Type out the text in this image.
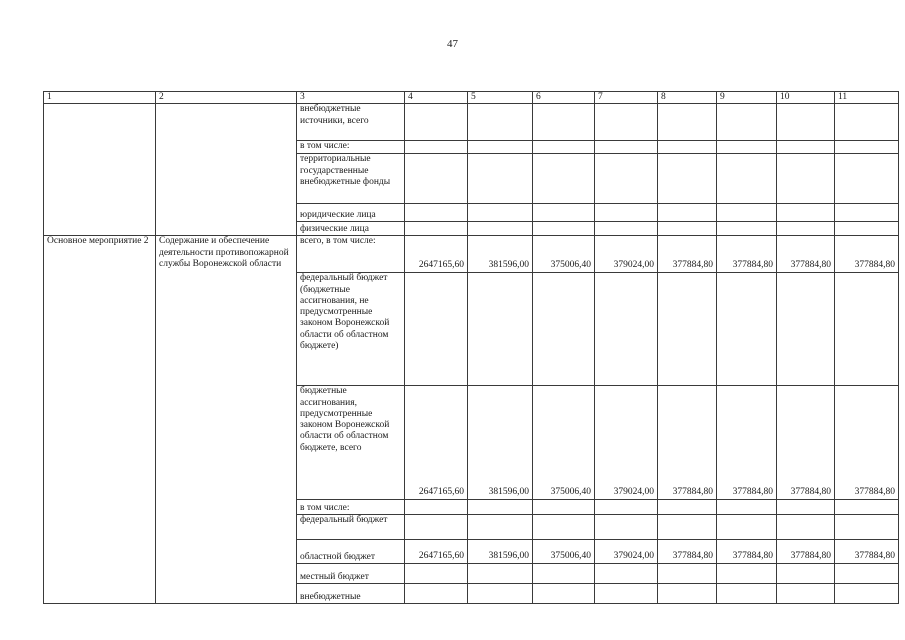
47
1	2	3	4	5	6	7	8	9	10	11
		внебюджетные источники, всего								
		в том числе:								
		территориальные государственные внебюджетные фонды								
		юридические лица								
		физические лица								
Основное мероприятие 2	Содержание и обеспечение деятельности противопожарной службы Воронежской области	всего, в том числе:	2647165,60	381596,00	375006,40	379024,00	377884,80	377884,80	377884,80	377884,80
		федеральный бюджет (бюджетные ассигнования, не предусмотренные законом Воронежской области об областном бюджете)								
		бюджетные ассигнования, предусмотренные законом Воронежской области об областном бюджете, всего	2647165,60	381596,00	375006,40	379024,00	377884,80	377884,80	377884,80	377884,80
		в том числе:								
		федеральный бюджет								
		областной бюджет	2647165,60	381596,00	375006,40	379024,00	377884,80	377884,80	377884,80	377884,80
		местный бюджет								
		внебюджетные								
